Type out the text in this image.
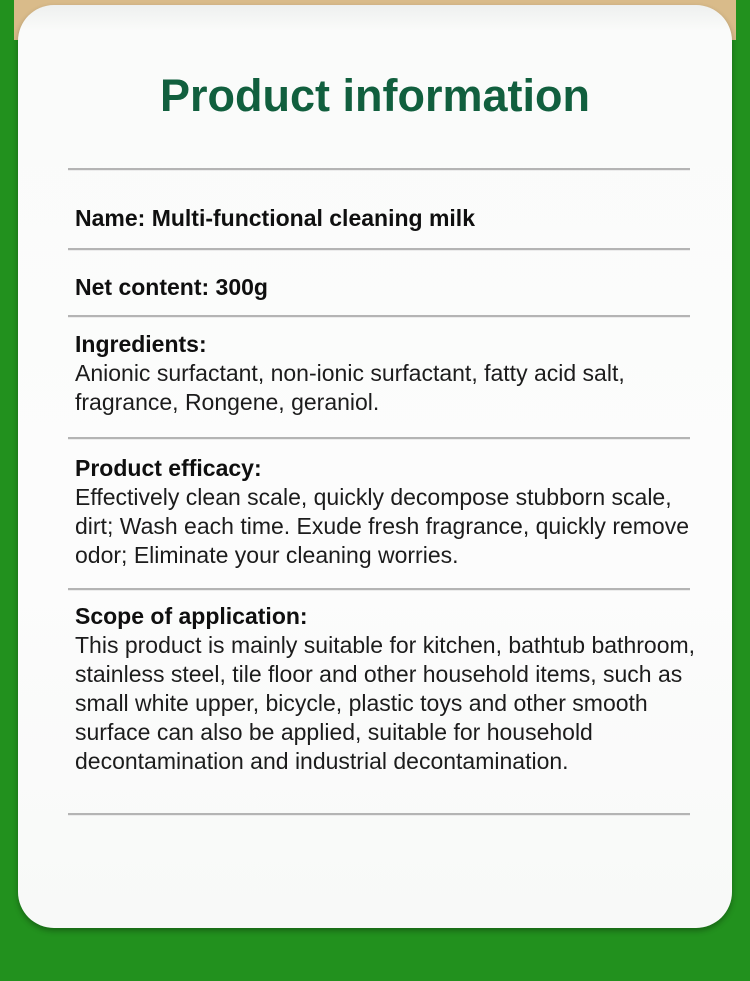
Product information

Name: Multi-functional cleaning milk

Net content: 300g

Ingredients:

Anionic surfactant, non-ionic surfactant, fatty acid salt, fragrance, Rongene, geraniol.

Product efficacy:

Effectively clean scale, quickly decompose stubborn scale, dirt; Wash each time. Exude fresh fragrance, quickly remove odor; Eliminate your cleaning worries.

Scope of application:

This product is mainly suitable for kitchen, bathtub bathroom, stainless steel, tile floor and other household items, such as small white upper, bicycle, plastic toys and other smooth surface can also be applied, suitable for household decontamination and industrial decontamination.
